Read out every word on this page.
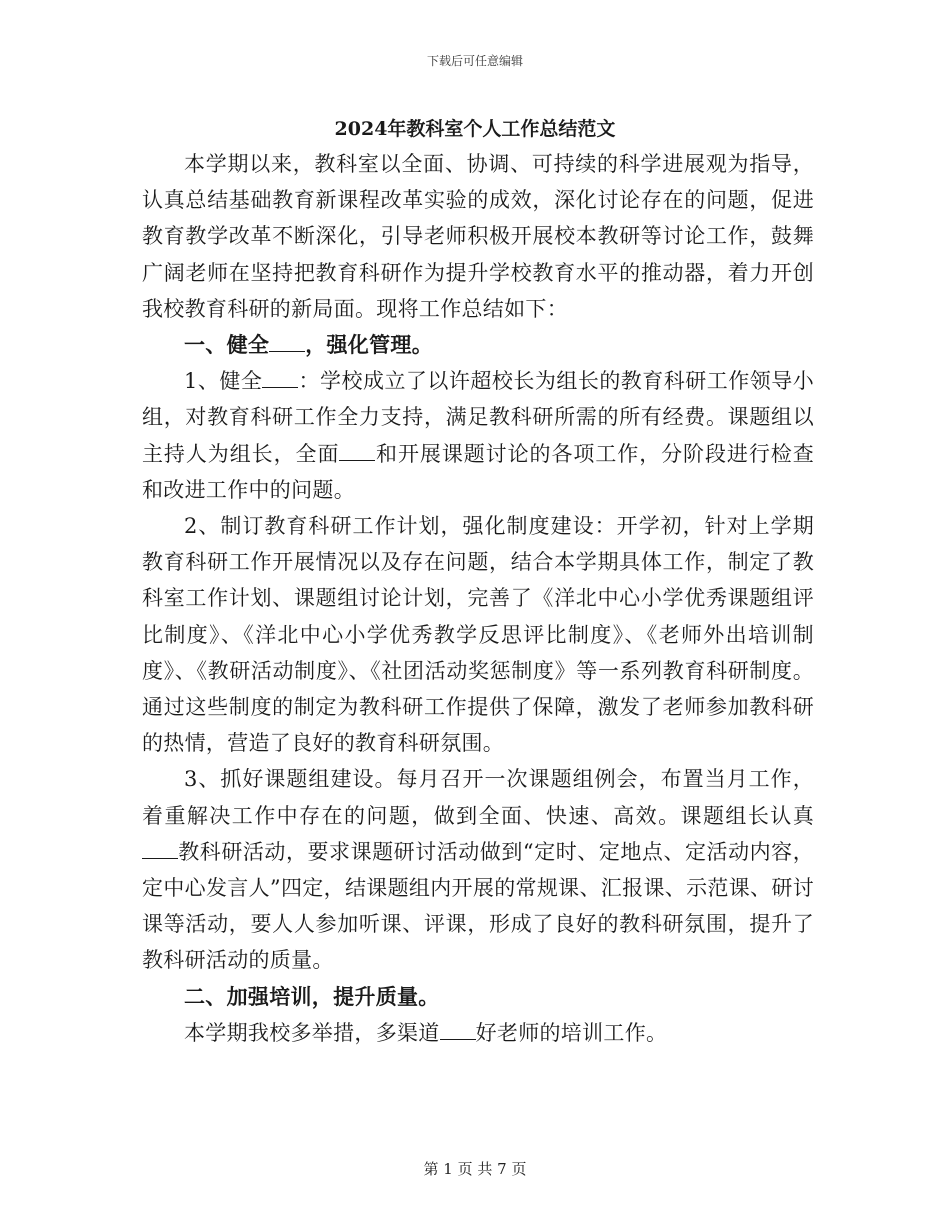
下载后可任意编辑
2024年教科室个人工作总结范文

本学期以来，教科室以全面、协调、可持续的科学进展观为指导，认真总结基础教育新课程改革实验的成效，深化讨论存在的问题，促进教育教学改革不断深化，引导老师积极开展校本教研等讨论工作，鼓舞广阔老师在坚持把教育科研作为提升学校教育水平的推动器，着力开创我校教育科研的新局面。现将工作总结如下：

一、健全 ，强化管理。

1、健全 ：学校成立了以许超校长为组长的教育科研工作领导小组，对教育科研工作全力支持，满足教科研所需的所有经费。课题组以主持人为组长，全面 和开展课题讨论的各项工作，分阶段进行检查和改进工作中的问题。

2、制订教育科研工作计划，强化制度建设：开学初，针对上学期教育科研工作开展情况以及存在问题，结合本学期具体工作，制定了教科室工作计划、课题组讨论计划，完善了《洋北中心小学优秀课题组评比制度》、《洋北中心小学优秀教学反思评比制度》、《老师外出培训制度》、《教研活动制度》、《社团活动奖惩制度》等一系列教育科研制度。通过这些制度的制定为教科研工作提供了保障，激发了老师参加教科研的热情，营造了良好的教育科研氛围。

3、抓好课题组建设。每月召开一次课题组例会，布置当月工作，着重解决工作中存在的问题，做到全面、快速、高效。课题组长认真教科研活动，要求课题研讨活动做到“定时、定地点、定活动内容，定中心发言人”四定，结课题组内开展的常规课、汇报课、示范课、研讨课等活动，要人人参加听课、评课，形成了良好的教科研氛围，提升了教科研活动的质量。

二、加强培训，提升质量。

本学期我校多举措，多渠道 好老师的培训工作。

第 1 页 共 7 页
